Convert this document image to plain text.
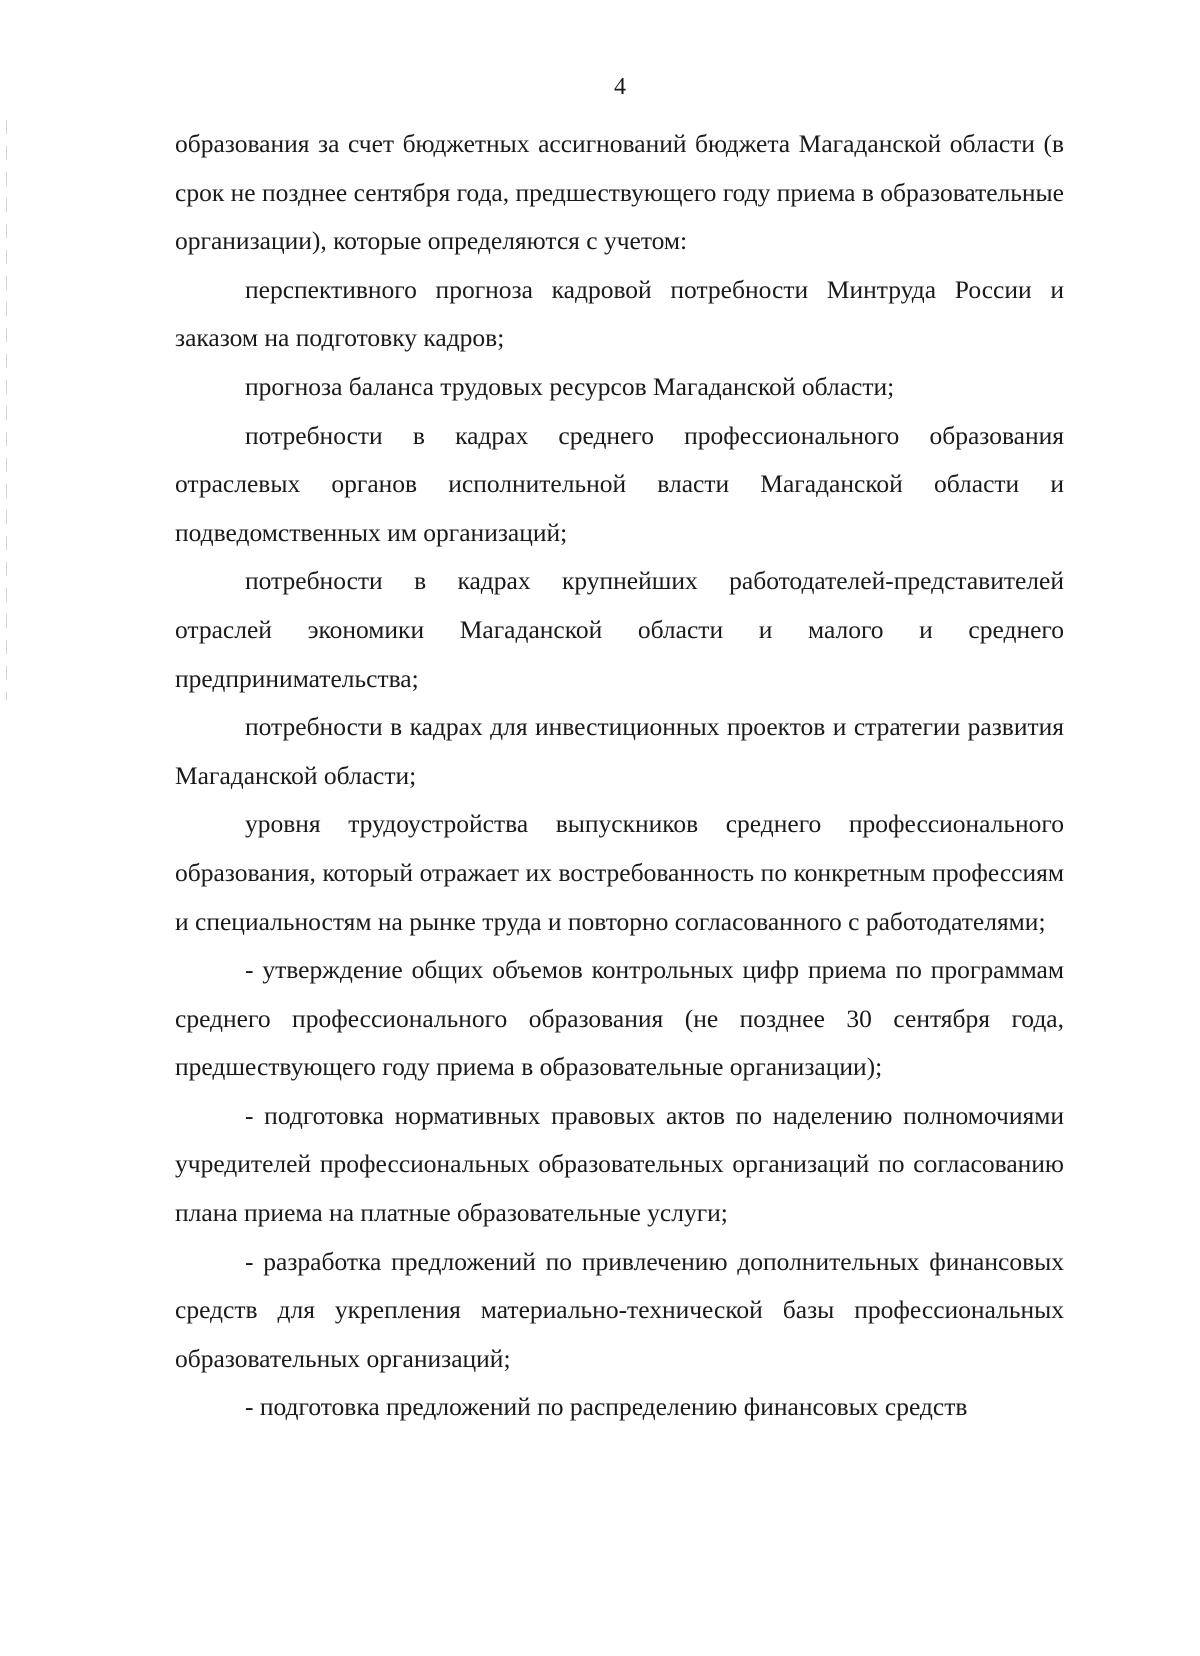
4

образования за счет бюджетных ассигнований бюджета Магаданской области (в срок не позднее сентября года, предшествующего году приема в образовательные организации), которые определяются с учетом:

перспективного прогноза кадровой потребности Минтруда России и заказом на подготовку кадров;

прогноза баланса трудовых ресурсов Магаданской области;

потребности в кадрах среднего профессионального образования отраслевых органов исполнительной власти Магаданской области и подведомственных им организаций;

потребности в кадрах крупнейших работодателей-представителей отраслей экономики Магаданской области и малого и среднего предпринимательства;

потребности в кадрах для инвестиционных проектов и стратегии развития Магаданской области;

уровня трудоустройства выпускников среднего профессионального образования, который отражает их востребованность по конкретным профессиям и специальностям на рынке труда и повторно согласованного с работодателями;

- утверждение общих объемов контрольных цифр приема по программам среднего профессионального образования (не позднее 30 сентября года, предшествующего году приема в образовательные организации);

- подготовка нормативных правовых актов по наделению полномочиями учредителей профессиональных образовательных организаций по согласованию плана приема на платные образовательные услуги;

- разработка предложений по привлечению дополнительных финансовых средств для укрепления материально-технической базы профессиональных образовательных организаций;

- подготовка предложений по распределению финансовых средств
